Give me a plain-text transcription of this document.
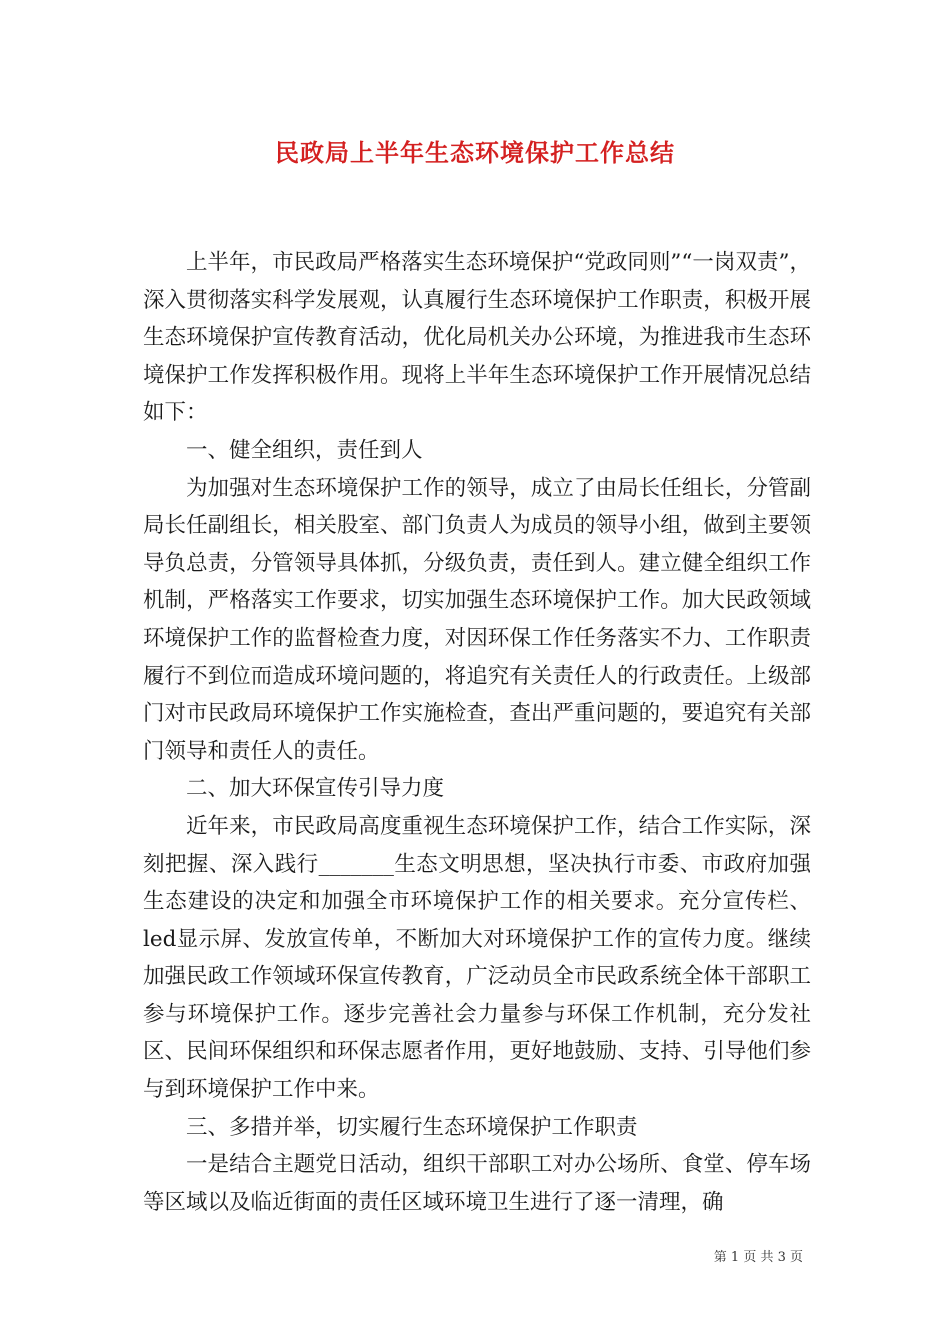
民政局上半年生态环境保护工作总结

上半年，市民政局严格落实生态环境保护“党政同则”“一岗双责”，深入贯彻落实科学发展观，认真履行生态环境保护工作职责，积极开展生态环境保护宣传教育活动，优化局机关办公环境，为推进我市生态环境保护工作发挥积极作用。现将上半年生态环境保护工作开展情况总结如下：

一、健全组织，责任到人

为加强对生态环境保护工作的领导，成立了由局长任组长，分管副局长任副组长，相关股室、部门负责人为成员的领导小组，做到主要领导负总责，分管领导具体抓，分级负责，责任到人。建立健全组织工作机制，严格落实工作要求，切实加强生态环境保护工作。加大民政领域环境保护工作的监督检查力度，对因环保工作任务落实不力、工作职责履行不到位而造成环境问题的，将追究有关责任人的行政责任。上级部门对市民政局环境保护工作实施检查，查出严重问题的，要追究有关部门领导和责任人的责任。

二、加大环保宣传引导力度

近年来，市民政局高度重视生态环境保护工作，结合工作实际，深刻把握、深入践行_______生态文明思想，坚决执行市委、市政府加强生态建设的决定和加强全市环境保护工作的相关要求。充分宣传栏、led显示屏、发放宣传单，不断加大对环境保护工作的宣传力度。继续加强民政工作领域环保宣传教育，广泛动员全市民政系统全体干部职工参与环境保护工作。逐步完善社会力量参与环保工作机制，充分发社区、民间环保组织和环保志愿者作用，更好地鼓励、支持、引导他们参与到环境保护工作中来。

三、多措并举，切实履行生态环境保护工作职责

一是结合主题党日活动，组织干部职工对办公场所、食堂、停车场等区域以及临近街面的责任区域环境卫生进行了逐一清理，确

第 1 页 共 3 页
